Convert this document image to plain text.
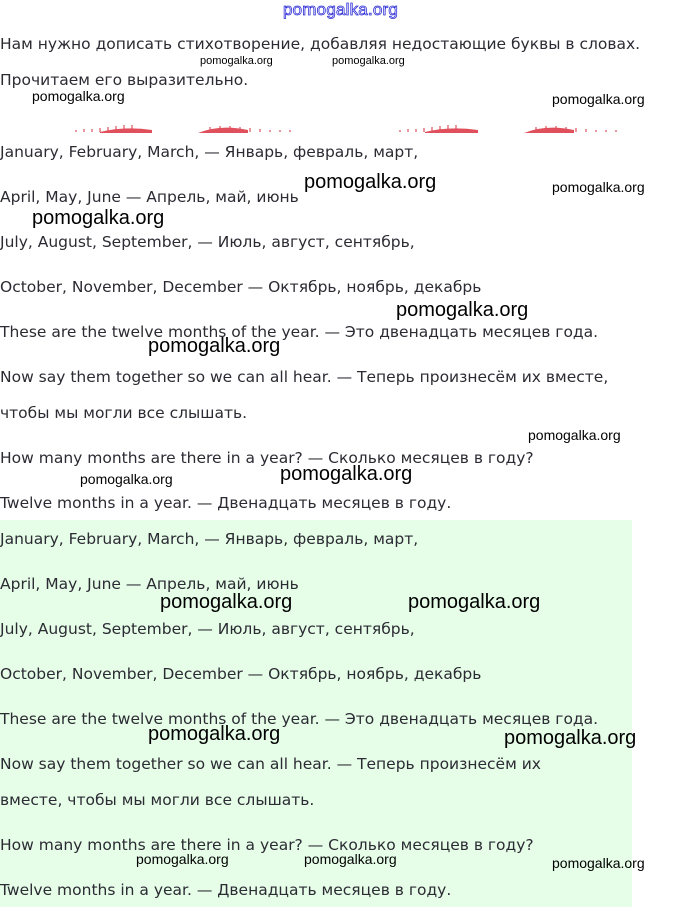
pomogalka.org
Нам нужно дописать стихотворение, добавляя недостающие буквы в словах.
Прочитаем его выразительно.
January, February, March, — Январь, февраль, март,
April, May, June — Апрель, май, июнь
July, August, September, — Июль, август, сентябрь,
October, November, December — Октябрь, ноябрь, декабрь
These are the twelve months of the year. — Это двенадцать месяцев года.
Now say them together so we can all hear. — Теперь произнесём их вместе,
чтобы мы могли все слышать.
How many months are there in a year? — Сколько месяцев в году?
Twelve months in a year. — Двенадцать месяцев в году.
January, February, March, — Январь, февраль, март,
April, May, June — Апрель, май, июнь
July, August, September, — Июль, август, сентябрь,
October, November, December — Октябрь, ноябрь, декабрь
These are the twelve months of the year. — Это двенадцать месяцев года.
Now say them together so we can all hear. — Теперь произнесём их
вместе, чтобы мы могли все слышать.
How many months are there in a year? — Сколько месяцев в году?
Twelve months in a year. — Двенадцать месяцев в году.
pomogalka.org	pomogalka.org
pomogalka.org	pomogalka.org
pomogalka.org	pomogalka.org
pomogalka.org
pomogalka.org
pomogalka.org
pomogalka.org
pomogalka.org	pomogalka.org
pomogalka.org	pomogalka.org
pomogalka.org	pomogalka.org
pomogalka.org	pomogalka.org	pomogalka.org
